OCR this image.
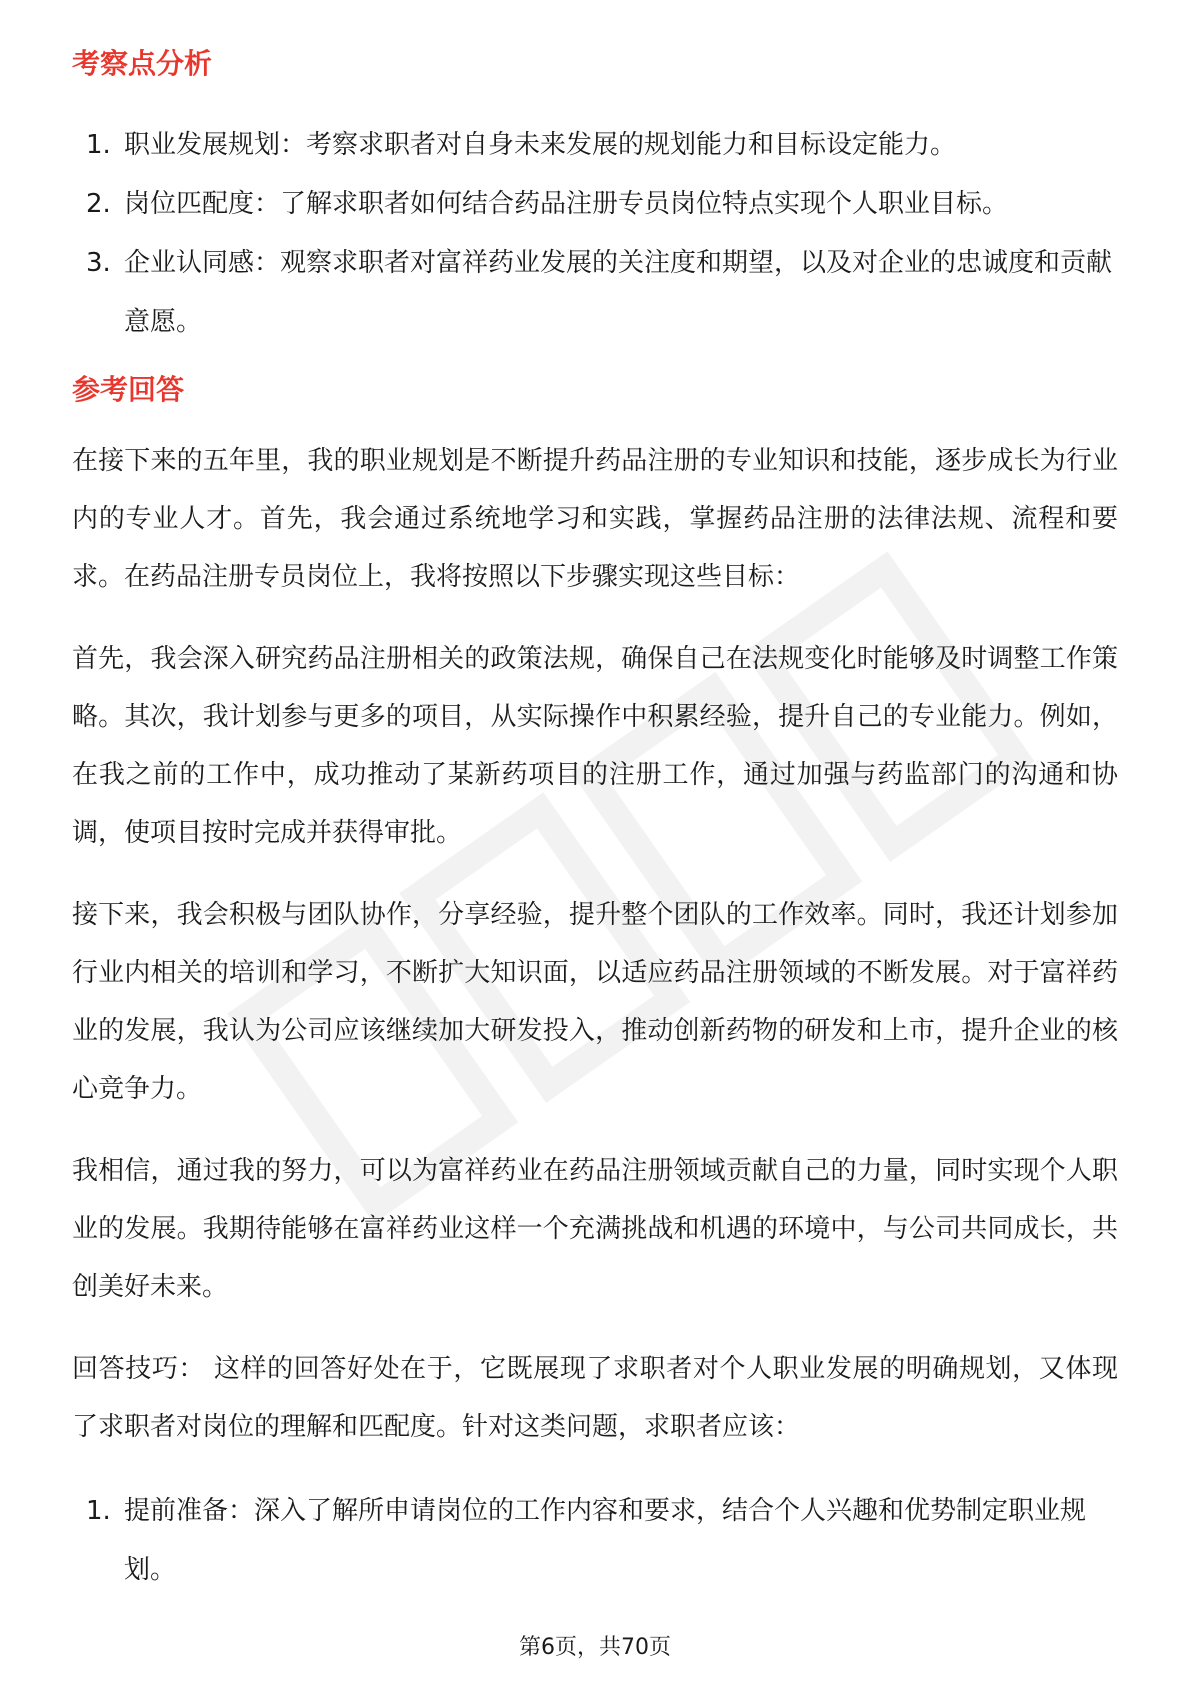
考察点分析
1. 职业发展规划：考察求职者对自身未来发展的规划能力和目标设定能力。
2. 岗位匹配度：了解求职者如何结合药品注册专员岗位特点实现个人职业目标。
3. 企业认同感：观察求职者对富祥药业发展的关注度和期望，以及对企业的忠诚度和贡献意愿。
参考回答

在接下来的五年里，我的职业规划是不断提升药品注册的专业知识和技能，逐步成长为行业内的专业人才。首先，我会通过系统地学习和实践，掌握药品注册的法律法规、流程和要求。在药品注册专员岗位上，我将按照以下步骤实现这些目标：

首先，我会深入研究药品注册相关的政策法规，确保自己在法规变化时能够及时调整工作策略。其次，我计划参与更多的项目，从实际操作中积累经验，提升自己的专业能力。例如，在我之前的工作中，成功推动了某新药项目的注册工作，通过加强与药监部门的沟通和协调，使项目按时完成并获得审批。

接下来，我会积极与团队协作，分享经验，提升整个团队的工作效率。同时，我还计划参加行业内相关的培训和学习，不断扩大知识面，以适应药品注册领域的不断发展。对于富祥药业的发展，我认为公司应该继续加大研发投入，推动创新药物的研发和上市，提升企业的核心竞争力。

我相信，通过我的努力，可以为富祥药业在药品注册领域贡献自己的力量，同时实现个人职业的发展。我期待能够在富祥药业这样一个充满挑战和机遇的环境中，与公司共同成长，共创美好未来。

回答技巧： 这样的回答好处在于，它既展现了求职者对个人职业发展的明确规划，又体现了求职者对岗位的理解和匹配度。针对这类问题，求职者应该：

1. 提前准备：深入了解所申请岗位的工作内容和要求，结合个人兴趣和优势制定职业规划。
第6页，共70页
